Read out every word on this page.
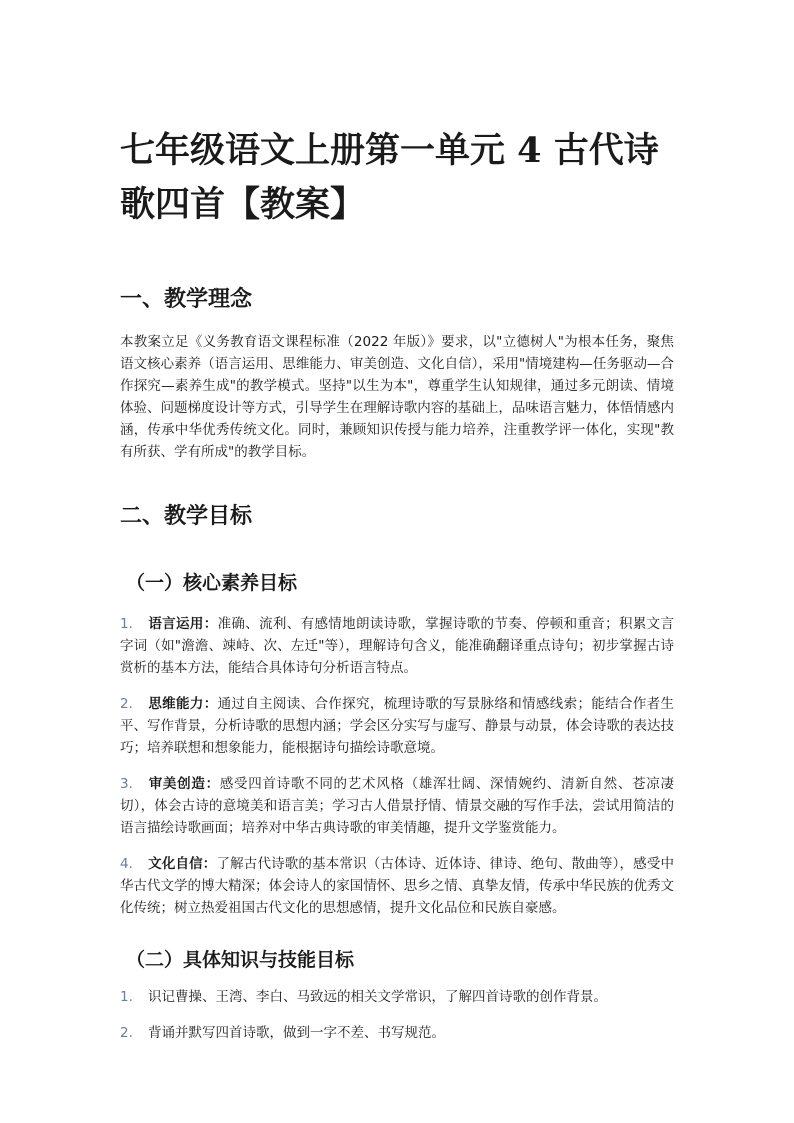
七年级语文上册第一单元 4 古代诗歌四首【教案】
一、教学理念

本教案立足《义务教育语文课程标准（2022 年版）》要求，以"立德树人"为根本任务，聚焦语文核心素养（语言运用、思维能力、审美创造、文化自信），采用"情境建构—任务驱动—合作探究—素养生成"的教学模式。坚持"以生为本"，尊重学生认知规律，通过多元朗读、情境体验、问题梯度设计等方式，引导学生在理解诗歌内容的基础上，品味语言魅力，体悟情感内涵，传承中华优秀传统文化。同时，兼顾知识传授与能力培养，注重教学评一体化，实现"教有所获、学有所成"的教学目标。

二、教学目标
（一）核心素养目标
1. 语言运用：准确、流利、有感情地朗读诗歌，掌握诗歌的节奏、停顿和重音；积累文言字词（如"澹澹、竦峙、次、左迁"等），理解诗句含义，能准确翻译重点诗句；初步掌握古诗赏析的基本方法，能结合具体诗句分析语言特点。
2. 思维能力：通过自主阅读、合作探究，梳理诗歌的写景脉络和情感线索；能结合作者生平、写作背景，分析诗歌的思想内涵；学会区分实写与虚写、静景与动景，体会诗歌的表达技巧；培养联想和想象能力，能根据诗句描绘诗歌意境。
3. 审美创造：感受四首诗歌不同的艺术风格（雄浑壮阔、深情婉约、清新自然、苍凉凄切），体会古诗的意境美和语言美；学习古人借景抒情、情景交融的写作手法，尝试用简洁的语言描绘诗歌画面；培养对中华古典诗歌的审美情趣，提升文学鉴赏能力。
4. 文化自信：了解古代诗歌的基本常识（古体诗、近体诗、律诗、绝句、散曲等），感受中华古代文学的博大精深；体会诗人的家国情怀、思乡之情、真挚友情，传承中华民族的优秀文化传统；树立热爱祖国古代文化的思想感情，提升文化品位和民族自豪感。
（二）具体知识与技能目标
1. 识记曹操、王湾、李白、马致远的相关文学常识，了解四首诗歌的创作背景。
2. 背诵并默写四首诗歌，做到一字不差、书写规范。
